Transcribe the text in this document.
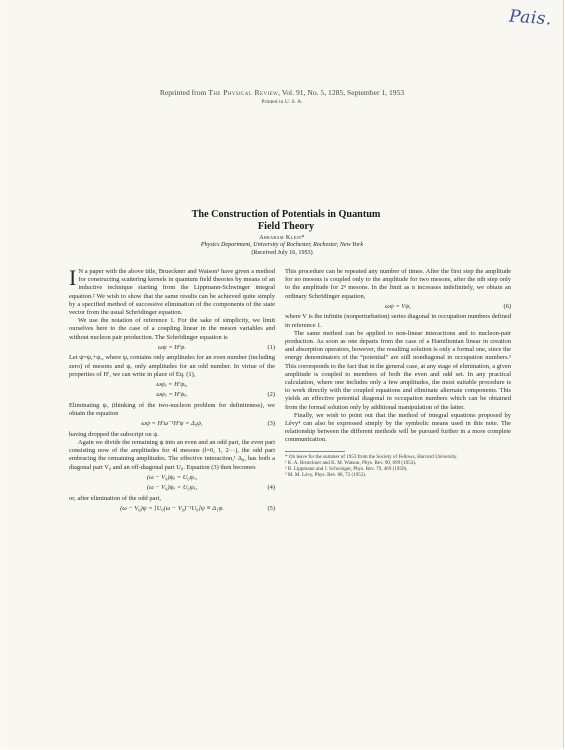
Pais.
Reprinted from The Physical Review, Vol. 91, No. 5, 1285, September 1, 1953
Printed in U. S. A.
The Construction of Potentials in Quantum
Field Theory
Abraham Klein*
Physics Department, University of Rochester, Rochester, New York
(Received July 16, 1953)

I N a paper with the above title, Brueckner and Watson¹ have given a method for constructing scattering kernels in quantum field theories by means of an inductive technique starting from the Lippmann-Schwinger integral equation.² We wish to show that the same results can be achieved quite simply by a specified method of successive elimination of the components of the state vector from the usual Schrödinger equation.

We use the notation of reference 1. For the sake of simplicity, we limit ourselves here to the case of a coupling linear in the meson variables and without nucleon pair production. The Schrödinger equation is

ωψ = H′ψ.	(1)

Let ψ=ψₑ+ψₒ, where ψₑ contains only amplitudes for an even number (including zero) of mesons and ψₒ only amplitudes for an odd number. In virtue of the properties of H′, we can write in place of Eq. (1),

ωψₑ = H′ψₒ,
ωψₒ = H′ψₑ.	(2)

Eliminating ψₒ (thinking of the two-nucleon problem for definiteness), we obtain the equation

ωψ = H′ω⁻¹H′ψ = Δ₀ψ,	(3)

having dropped the subscript on ψ.

Again we divide the remaining ψ into an even and an odd part, the even part consisting now of the amplitudes for 4l mesons (l=0, 1, 2···), the odd part embracing the remaining amplitudes. The effective interaction,¹ Δ₀, has both a diagonal part V₀ and an off-diagonal part U₀. Equation (3) then becomes

(ω − V₀)ψₑ = U₀ψₒ,
(ω − V₀)ψₒ = U₀ψₑ,	(4)

or, after elimination of the odd part,

(ω − V₀)ψ = [U₀(ω − V₀)⁻¹U₀]ψ ≡ Δ₁ψ.	(5)

This procedure can be repeated any number of times. After the first step the amplitude for no mesons is coupled only to the amplitude for two mesons, after the nth step only to the amplitude for 2ⁿ mesons. In the limit as n increases indefinitely, we obtain an ordinary Schrödinger equation,

ωψ = Vψ,	(6)

where V is the infinite (nonperturbation) series diagonal in occupation numbers defined in reference 1.

The same method can be applied to non-linear interactions and to nucleon-pair production. As soon as one departs from the case of a Hamiltonian linear in creation and absorption operators, however, the resulting solution is only a formal one, since the energy denominators of the “potential” are still nondiagonal in occupation numbers.³ This corresponds to the fact that in the general case, at any stage of elimination, a given amplitude is coupled to members of both the even and odd set. In any practical calculation, where one includes only a few amplitudes, the most suitable procedure is to work directly with the coupled equations and eliminate alternate components. This yields an effective potential diagonal in occupation numbers which can be obtained from the formal solution only by additional manipulation of the latter.

Finally, we wish to point out that the method of integral equations proposed by Lévy⁴ can also be expressed simply by the symbolic means used in this note. The relationship between the different methods will be pursued further in a more complete communication.

* On leave for the summer of 1953 from the Society of Fellows, Harvard University.
¹ K. A. Brueckner and K. M. Watson, Phys. Rev. 90, 699 (1953).
² B. Lippmann and J. Schwinger, Phys. Rev. 79, 469 (1950).
³ M. M. Lévy, Phys. Rev. 88, 72 (1952).
